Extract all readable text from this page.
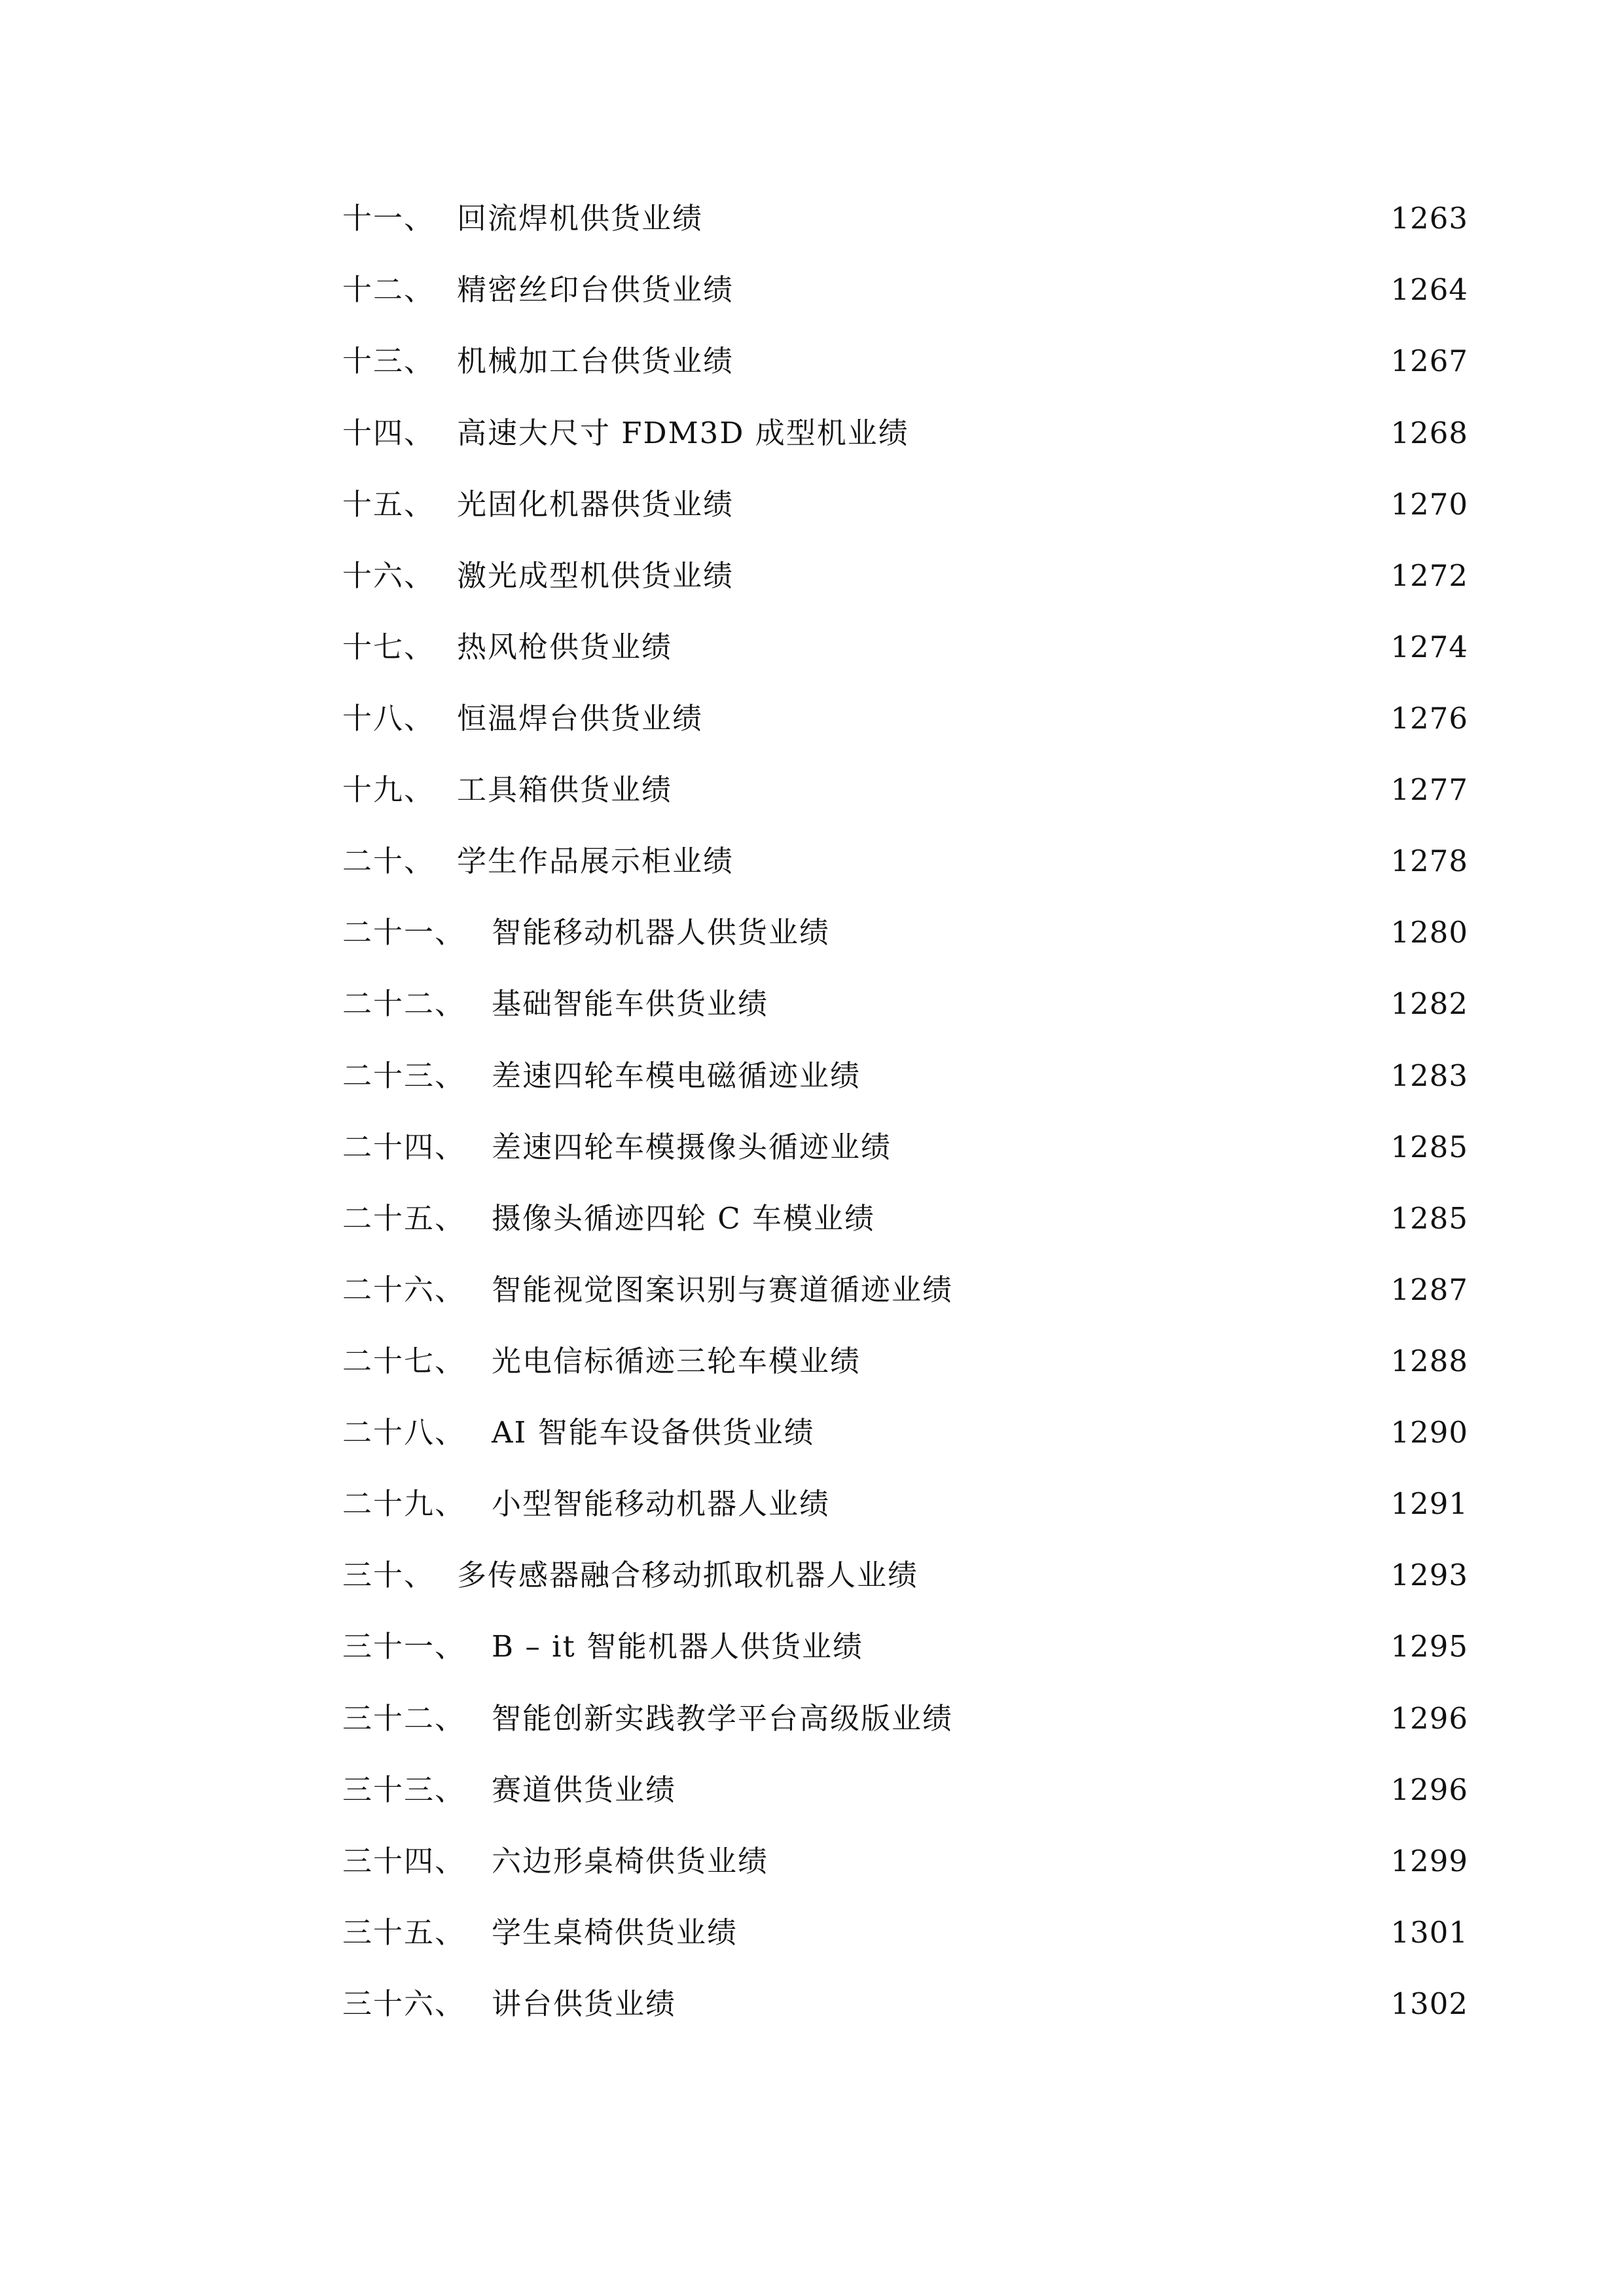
十一、 回流焊机供货业绩	1263
十二、 精密丝印台供货业绩	1264
十三、 机械加工台供货业绩	1267
十四、 高速大尺寸 FDM3D 成型机业绩	1268
十五、 光固化机器供货业绩	1270
十六、 激光成型机供货业绩	1272
十七、 热风枪供货业绩	1274
十八、 恒温焊台供货业绩	1276
十九、 工具箱供货业绩	1277
二十、 学生作品展示柜业绩	1278
二十一、 智能移动机器人供货业绩	1280
二十二、 基础智能车供货业绩	1282
二十三、 差速四轮车模电磁循迹业绩	1283
二十四、 差速四轮车模摄像头循迹业绩	1285
二十五、 摄像头循迹四轮 C 车模业绩	1285
二十六、 智能视觉图案识别与赛道循迹业绩	1287
二十七、 光电信标循迹三轮车模业绩	1288
二十八、 AI 智能车设备供货业绩	1290
二十九、 小型智能移动机器人业绩	1291
三十、 多传感器融合移动抓取机器人业绩	1293
三十一、 B – it 智能机器人供货业绩	1295
三十二、 智能创新实践教学平台高级版业绩	1296
三十三、 赛道供货业绩	1296
三十四、 六边形桌椅供货业绩	1299
三十五、 学生桌椅供货业绩	1301
三十六、 讲台供货业绩	1302
